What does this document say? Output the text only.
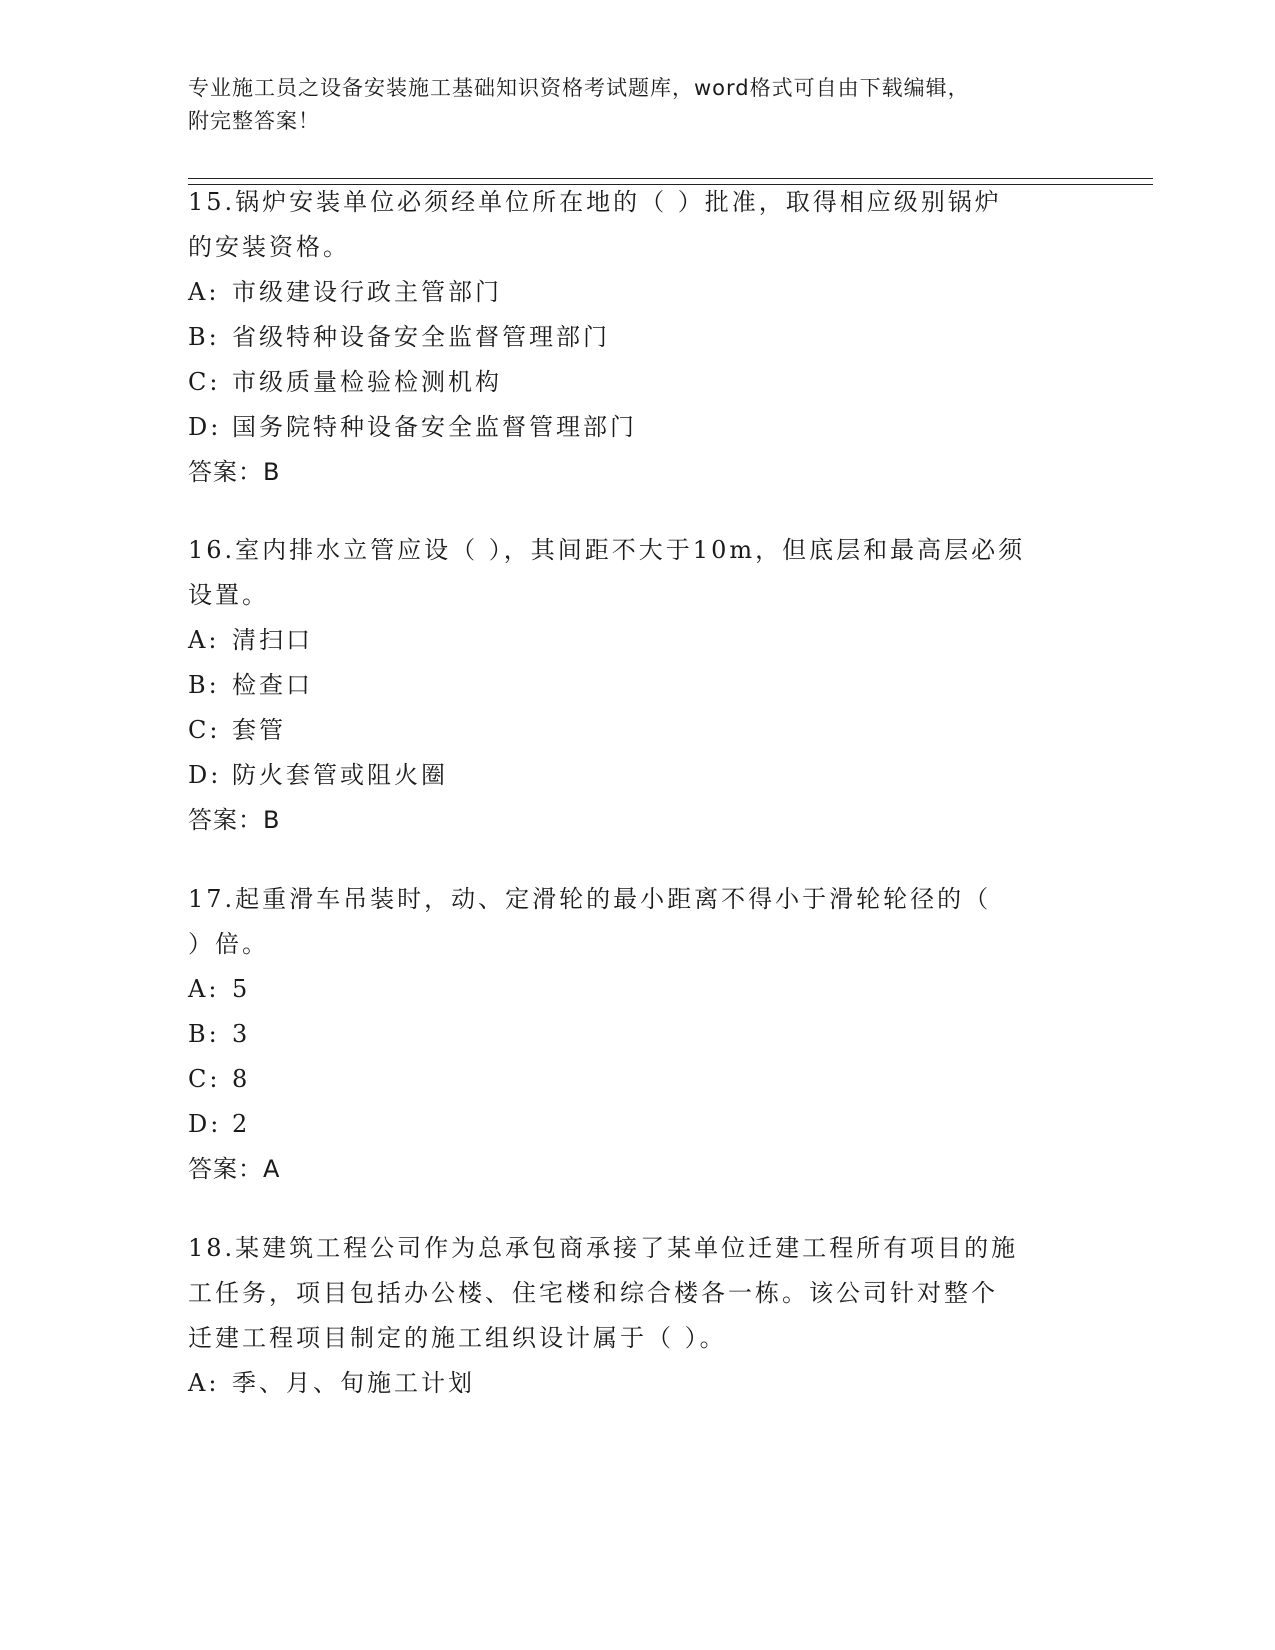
专业施工员之设备安装施工基础知识资格考试题库，word格式可自由下载编辑，
附完整答案！

15.锅炉安装单位必须经单位所在地的（ ）批准，取得相应级别锅炉

的安装资格。

A: 市级建设行政主管部门

B: 省级特种设备安全监督管理部门

C: 市级质量检验检测机构

D: 国务院特种设备安全监督管理部门

答案：B

16.室内排水立管应设（ ），其间距不大于10m，但底层和最高层必须

设置。

A: 清扫口

B: 检查口

C: 套管

D: 防火套管或阻火圈

答案：B

17.起重滑车吊装时，动、定滑轮的最小距离不得小于滑轮轮径的（

）倍。

A: 5

B: 3

C: 8

D: 2

答案：A

18.某建筑工程公司作为总承包商承接了某单位迁建工程所有项目的施

工任务，项目包括办公楼、住宅楼和综合楼各一栋。该公司针对整个

迁建工程项目制定的施工组织设计属于（ ）。

A: 季、月、旬施工计划
